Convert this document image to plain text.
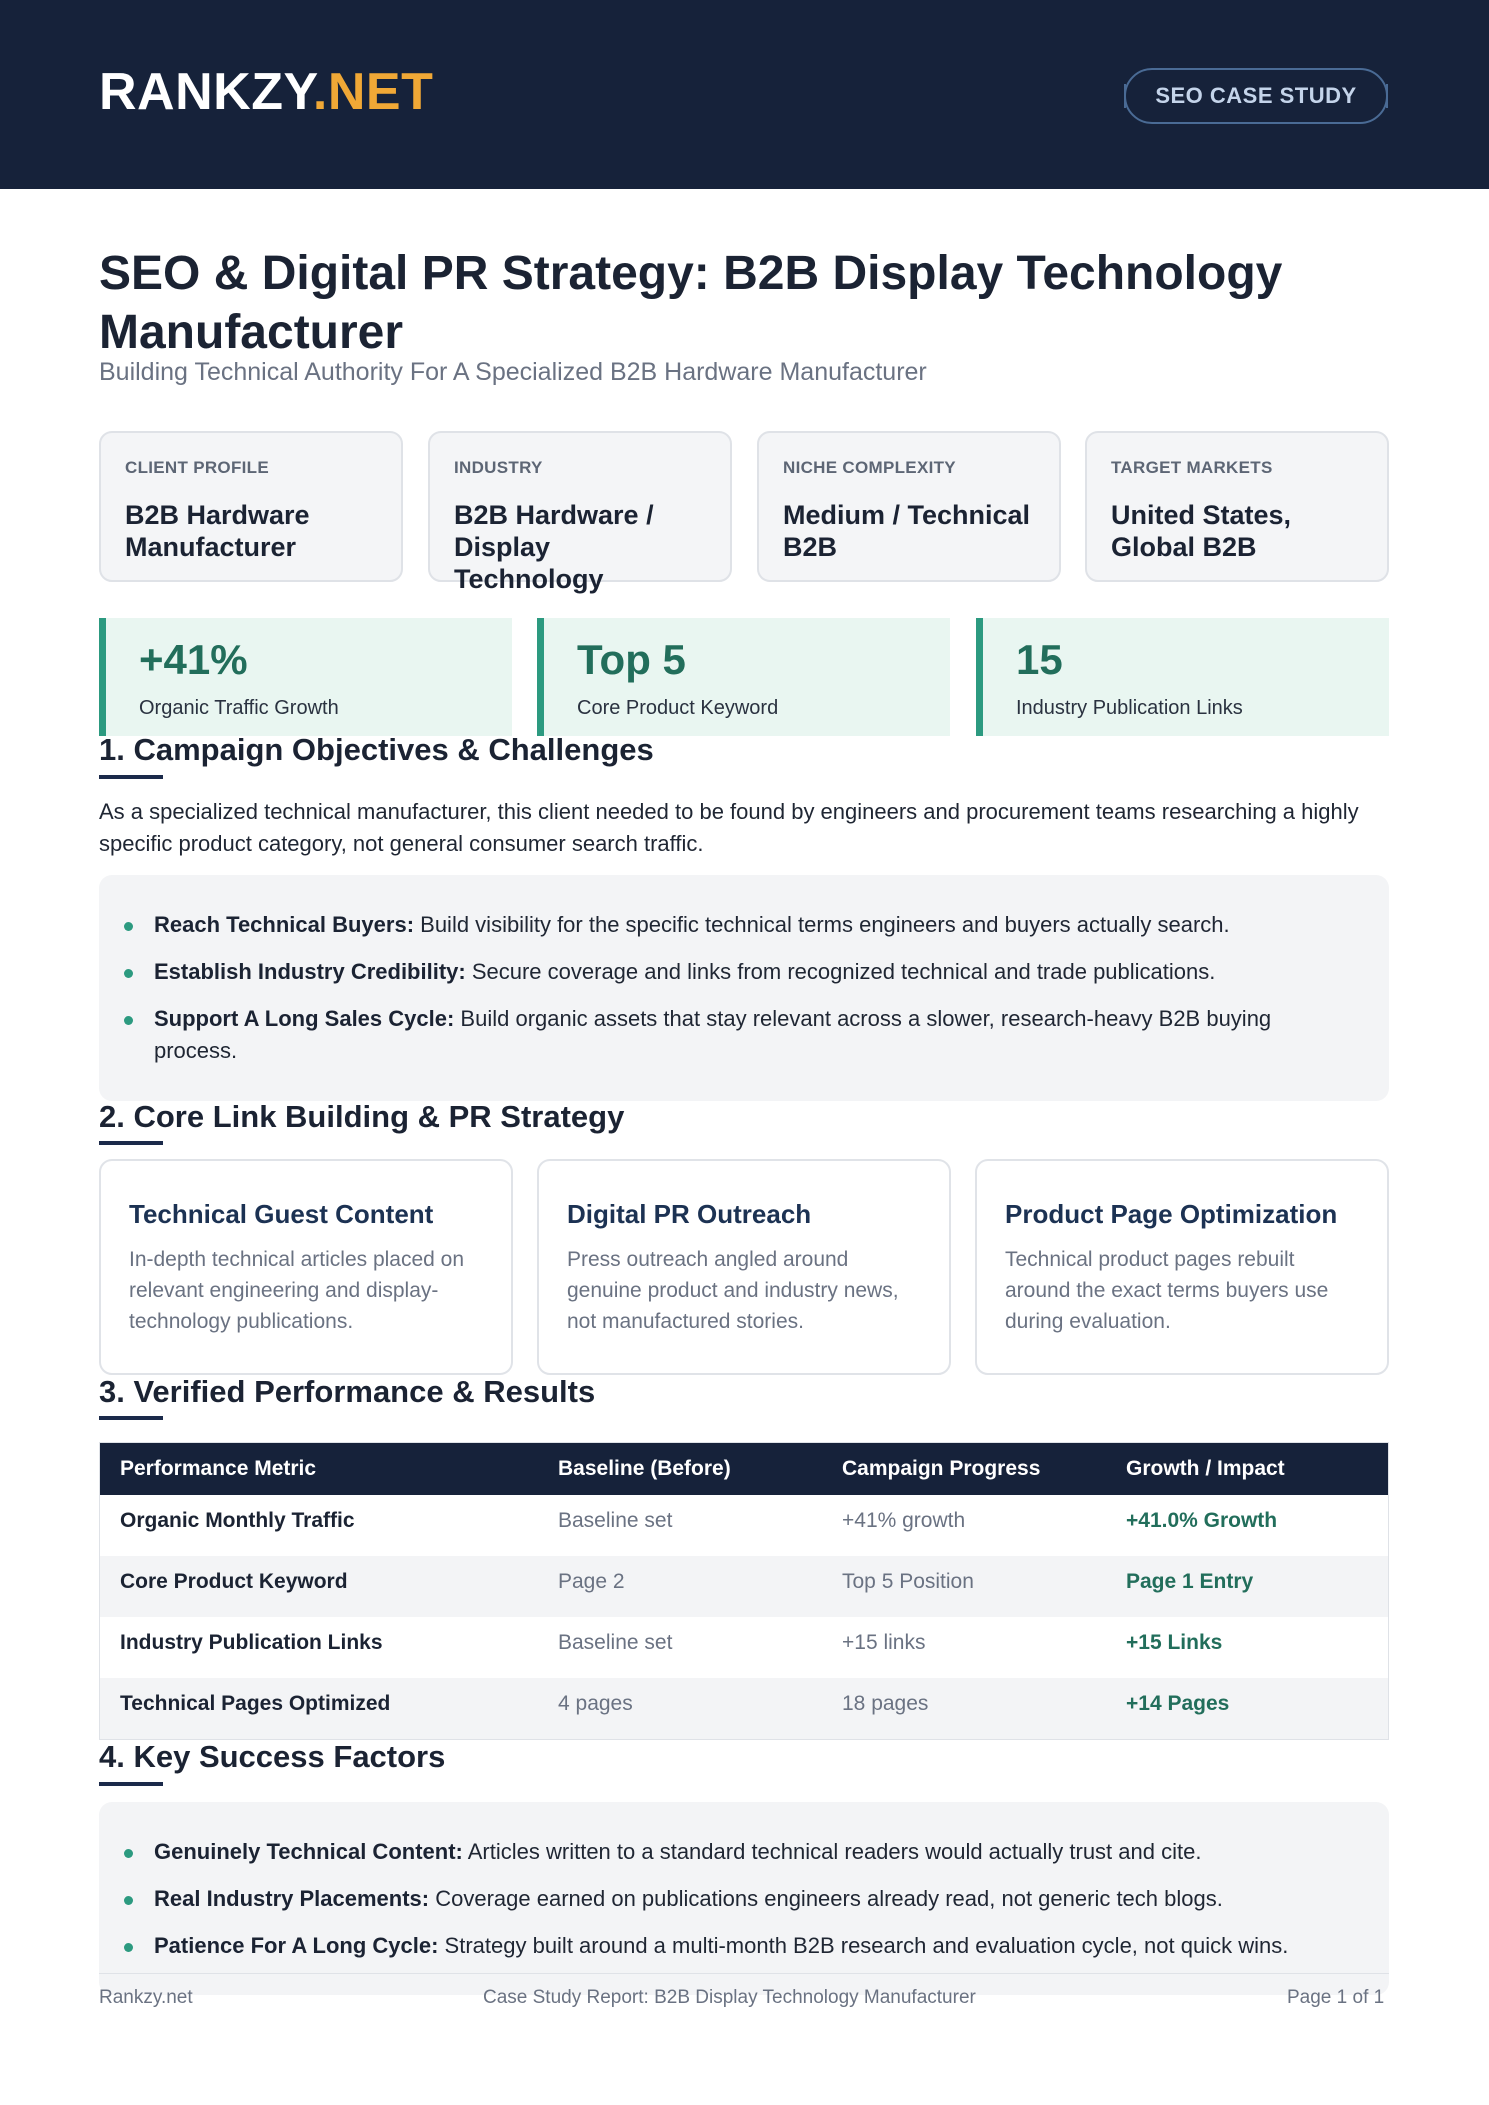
RANKZY.NET	SEO CASE STUDY
SEO & Digital PR Strategy: B2B Display Technology Manufacturer
Building Technical Authority For A Specialized B2B Hardware Manufacturer
CLIENT PROFILE
B2B Hardware Manufacturer
INDUSTRY
B2B Hardware / Display Technology
NICHE COMPLEXITY
Medium / Technical B2B
TARGET MARKETS
United States, Global B2B
+41%
Organic Traffic Growth
Top 5
Core Product Keyword
15
Industry Publication Links
1. Campaign Objectives & Challenges

As a specialized technical manufacturer, this client needed to be found by engineers and procurement teams researching a highly specific product category, not general consumer search traffic.

Reach Technical Buyers: Build visibility for the specific technical terms engineers and buyers actually search.
Establish Industry Credibility: Secure coverage and links from recognized technical and trade publications.
Support A Long Sales Cycle: Build organic assets that stay relevant across a slower, research-heavy B2B buying process.
2. Core Link Building & PR Strategy
Technical Guest Content
In-depth technical articles placed on relevant engineering and display-technology publications.
Digital PR Outreach
Press outreach angled around genuine product and industry news, not manufactured stories.
Product Page Optimization
Technical product pages rebuilt around the exact terms buyers use during evaluation.
3. Verified Performance & Results
Performance Metric	Baseline (Before)	Campaign Progress	Growth / Impact
Organic Monthly Traffic	Baseline set	+41% growth	+41.0% Growth
Core Product Keyword	Page 2	Top 5 Position	Page 1 Entry
Industry Publication Links	Baseline set	+15 links	+15 Links
Technical Pages Optimized	4 pages	18 pages	+14 Pages
4. Key Success Factors
Genuinely Technical Content: Articles written to a standard technical readers would actually trust and cite.
Real Industry Placements: Coverage earned on publications engineers already read, not generic tech blogs.
Patience For A Long Cycle: Strategy built around a multi-month B2B research and evaluation cycle, not quick wins.
Rankzy.net	Case Study Report: B2B Display Technology Manufacturer	Page 1 of 1
